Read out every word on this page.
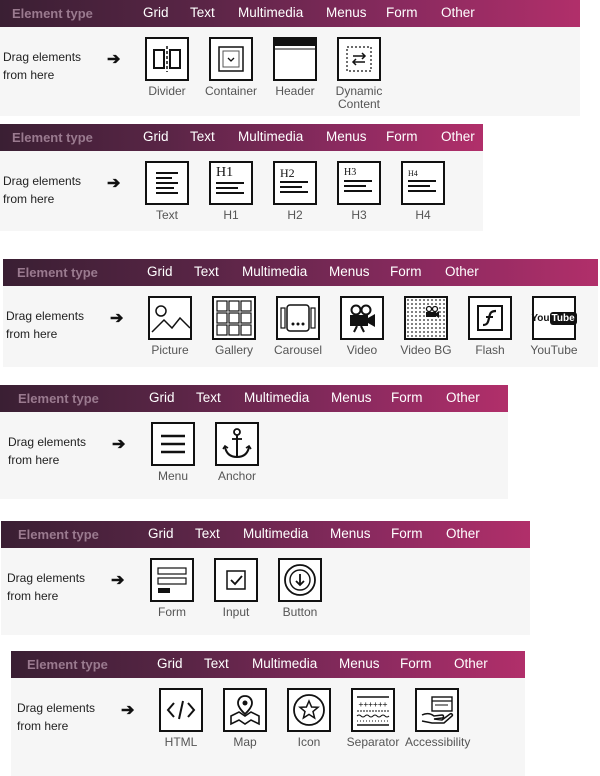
Element type	Grid Text Multimedia Menus Form Other
Drag elements
from here
➔
Divider	Container	Header	Dynamic Content
Element type	Grid Text Multimedia Menus Form Other
Drag elements
from here
➔
Text
H1
H1
H2
H2
H3
H3
H4
H4
Element type	Grid Text Multimedia Menus Form Other
Drag elements
from here
➔
Picture	Gallery	Carousel	Video	Video BG	Flash
You Tube
YouTube
Element type	Grid Text Multimedia Menus Form Other
Drag elements
from here
➔
Menu	Anchor
Element type	Grid Text Multimedia Menus Form Other
Drag elements
from here
➔
Form	Input	Button
Element type	Grid Text Multimedia Menus Form Other
Drag elements
from here
➔
HTML	Map	Icon
++++++
Separator Accessibility
